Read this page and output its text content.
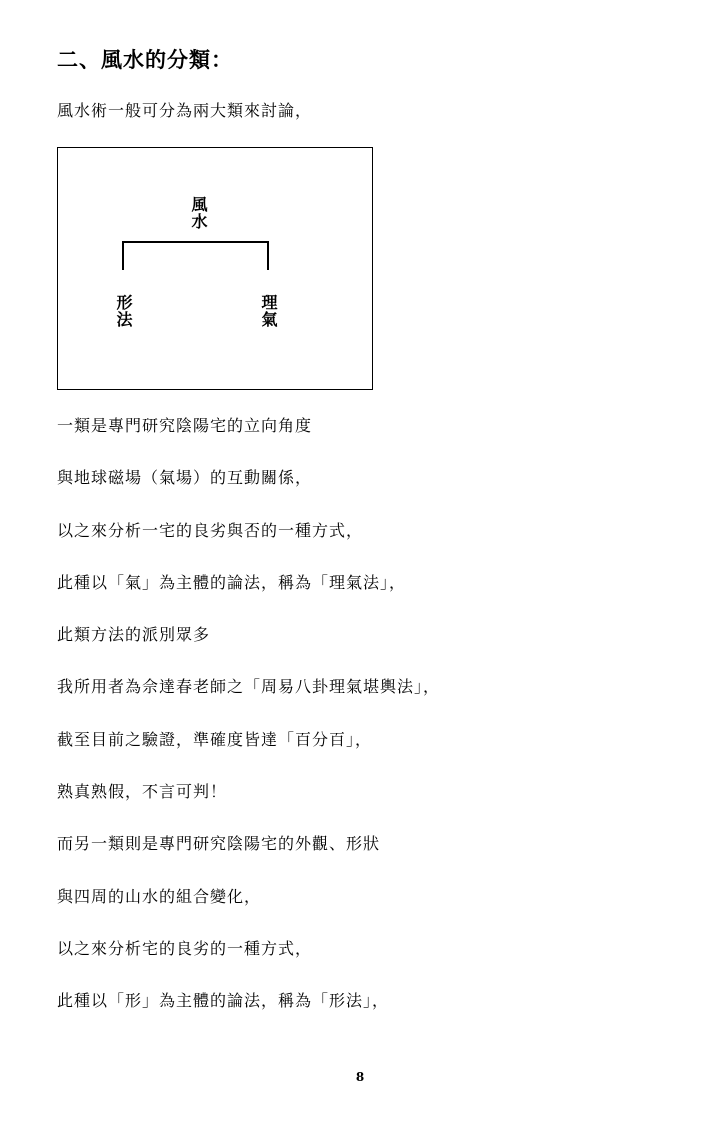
二、風水的分類：
風水術一般可分為兩大類來討論，
風水
形法	理氣
一類是專門研究陰陽宅的立向角度
與地球磁場（氣場）的互動關係，
以之來分析一宅的良劣與否的一種方式，
此種以「氣」為主體的論法，稱為「理氣法」，
此類方法的派別眾多
我所用者為佘達春老師之「周易八卦理氣堪輿法」，
截至目前之驗證，準確度皆達「百分百」，
熟真熟假，不言可判！
而另一類則是專門研究陰陽宅的外觀、形狀
與四周的山水的組合變化，
以之來分析宅的良劣的一種方式，
此種以「形」為主體的論法，稱為「形法」，
8
